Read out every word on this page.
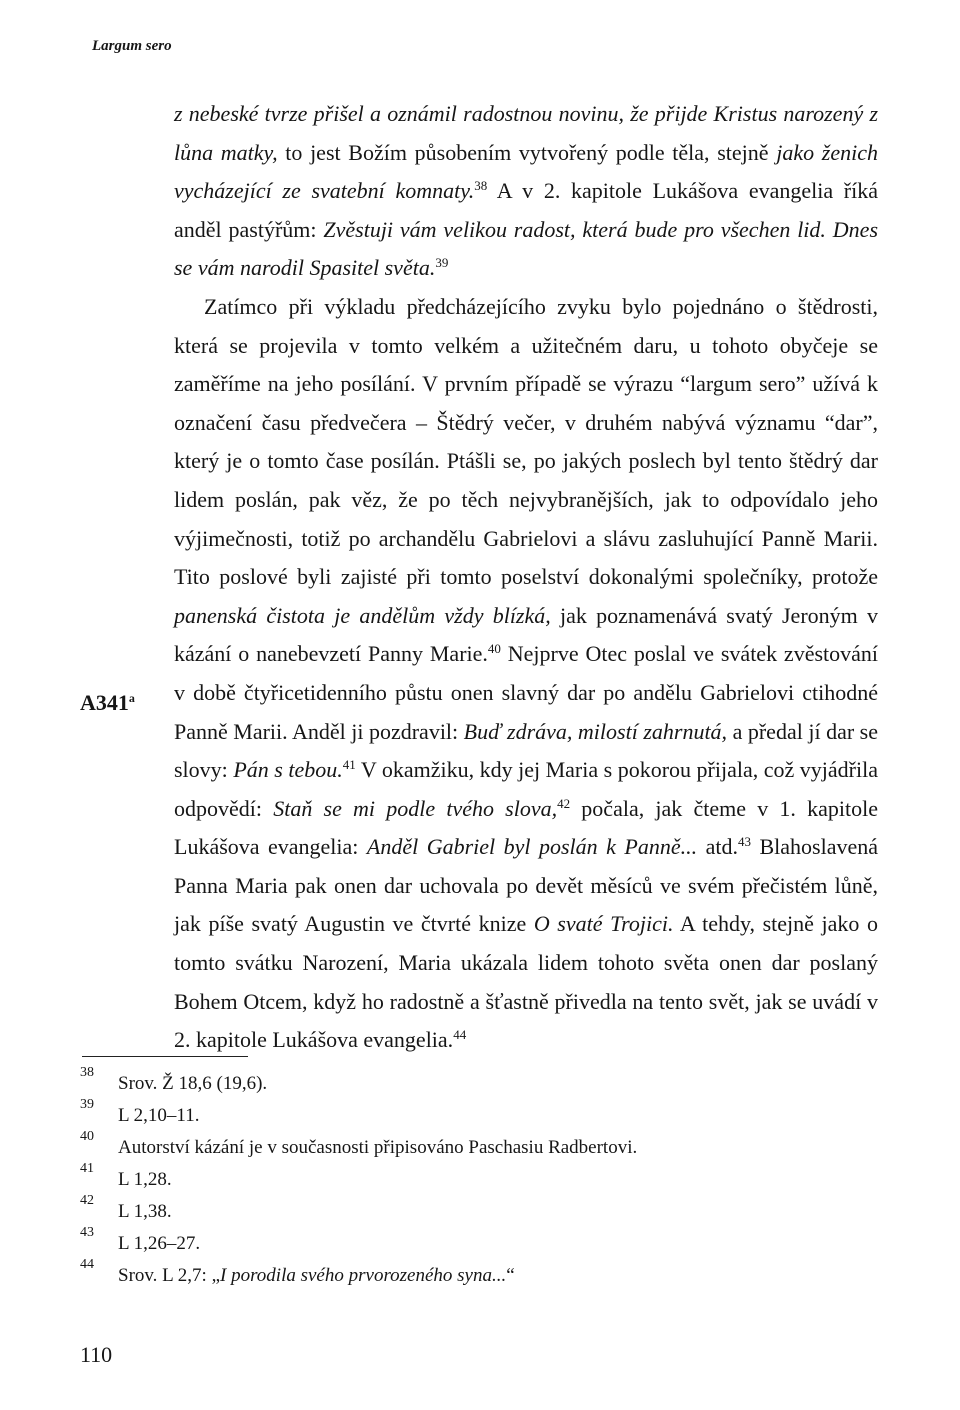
Largum sero
A341$^a$

z nebeské tvrze přišel a oznámil radostnou novinu, že přijde Kristus narozený z lůna matky, to jest Božím působením vytvořený podle těla, stejně jako ženich vycházející ze svatební komnaty.$^{38}$ A v 2. kapitole Lukášova evangelia říká anděl pastýřům: Zvěstuji vám velikou radost, která bude pro všechen lid. Dnes se vám narodil Spasitel světa.$^{39}$

Zatímco při výkladu předcházejícího zvyku bylo pojednáno o štědrosti, která se projevila v tomto velkém a užitečném daru, u tohoto obyčeje se zaměříme na jeho posílání. V prvním případě se výrazu “largum sero” užívá k označení času předvečera – Štědrý večer, v druhém nabývá významu “dar”, který je o tomto čase posílán. Ptášli se, po jakých poslech byl tento štědrý dar lidem poslán, pak věz, že po těch nejvybranějších, jak to odpovídalo jeho výjimečnosti, totiž po archandělu Gabrielovi a slávu zasluhující Panně Marii. Tito poslové byli zajisté při tomto poselství dokonalými společníky, protože panenská čistota je andělům vždy blízká, jak poznamenává svatý Jeroným v kázání o nanebevzetí Panny Marie.$^{40}$ Nejprve Otec poslal ve svátek zvěstování v době čtyřicetidenního půstu onen slavný dar po andělu Gabrielovi ctihodné Panně Marii. Anděl ji pozdravil: Buď zdráva, milostí zahrnutá, a předal jí dar se slovy: Pán s tebou.$^{41}$ V okamžiku, kdy jej Maria s pokorou přijala, což vyjádřila odpovědí: Staň se mi podle tvého slova,$^{42}$ počala, jak čteme v 1. kapitole Lukášova evangelia: Anděl Gabriel byl poslán k Panně... atd.$^{43}$ Blahoslavená Panna Maria pak onen dar uchovala po devět měsíců ve svém přečistém lůně, jak píše svatý Augustin ve čtvrté knize O svaté Trojici. A tehdy, stejně jako o tomto svátku Narození, Maria ukázala lidem tohoto světa onen dar poslaný Bohem Otcem, když ho radostně a šťastně přivedla na tento svět, jak se uvádí v 2. kapitole Lukášova evangelia.$^{44}$

38
Srov. Ž 18,6 (19,6).
39
L 2,10–11.
40
Autorství kázání je v současnosti připisováno Paschasiu Radbertovi.
41
L 1,28.
42
L 1,38.
43
L 1,26–27.
44
Srov. L 2,7: „I porodila svého prvorozeného syna...“
110
